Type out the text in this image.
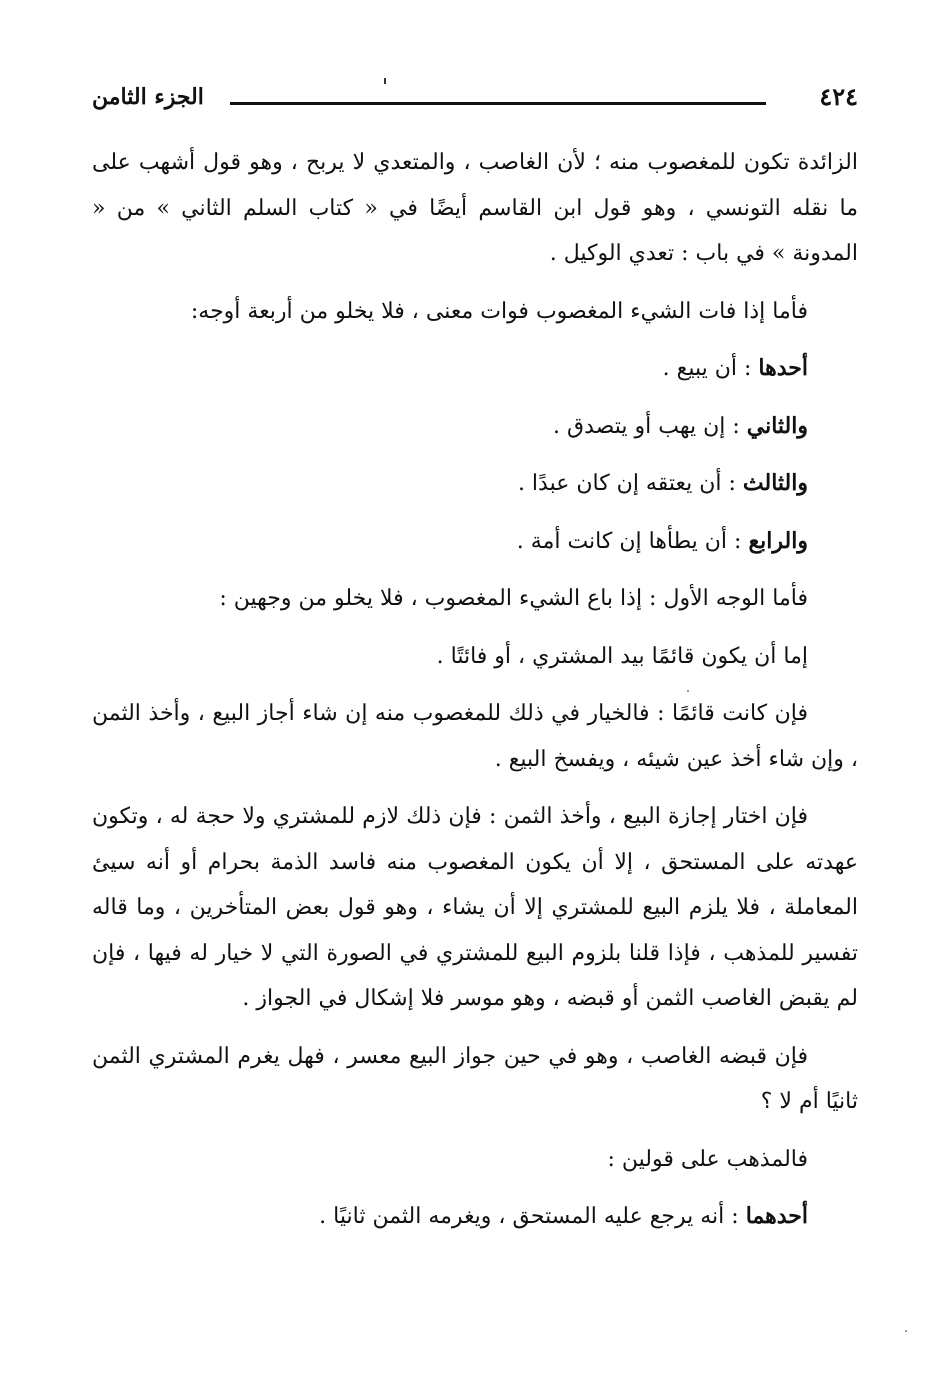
الجزء الثامن	٤٢٤

الزائدة تكون للمغصوب منه ؛ لأن الغاصب ، والمتعدي لا يربح ، وهو قول أشهب على ما نقله التونسي ، وهو قول ابن القاسم أيضًا في « كتاب السلم الثاني » من « المدونة » في باب : تعدي الوكيل .

فأما إذا فات الشيء المغصوب فوات معنى ، فلا يخلو من أربعة أوجه:

أحدها : أن يبيع .

والثاني : إن يهب أو يتصدق .

والثالث : أن يعتقه إن كان عبدًا .

والرابع : أن يطأها إن كانت أمة .

فأما الوجه الأول : إذا باع الشيء المغصوب ، فلا يخلو من وجهين :

إما أن يكون قائمًا بيد المشتري ، أو فائتًا .

فإن كانت قائمًا : فالخيار في ذلك للمغصوب منه إن شاء أجاز البيع ، وأخذ الثمن ، وإن شاء أخذ عين شيئه ، ويفسخ البيع .

فإن اختار إجازة البيع ، وأخذ الثمن : فإن ذلك لازم للمشتري ولا حجة له ، وتكون عهدته على المستحق ، إلا أن يكون المغصوب منه فاسد الذمة بحرام أو أنه سيئ المعاملة ، فلا يلزم البيع للمشتري إلا أن يشاء ، وهو قول بعض المتأخرين ، وما قاله تفسير للمذهب ، فإذا قلنا بلزوم البيع للمشتري في الصورة التي لا خيار له فيها ، فإن لم يقبض الغاصب الثمن أو قبضه ، وهو موسر فلا إشكال في الجواز .

فإن قبضه الغاصب ، وهو في حين جواز البيع معسر ، فهل يغرم المشتري الثمن ثانيًا أم لا ؟

فالمذهب على قولين :

أحدهما : أنه يرجع عليه المستحق ، ويغرمه الثمن ثانيًا .
